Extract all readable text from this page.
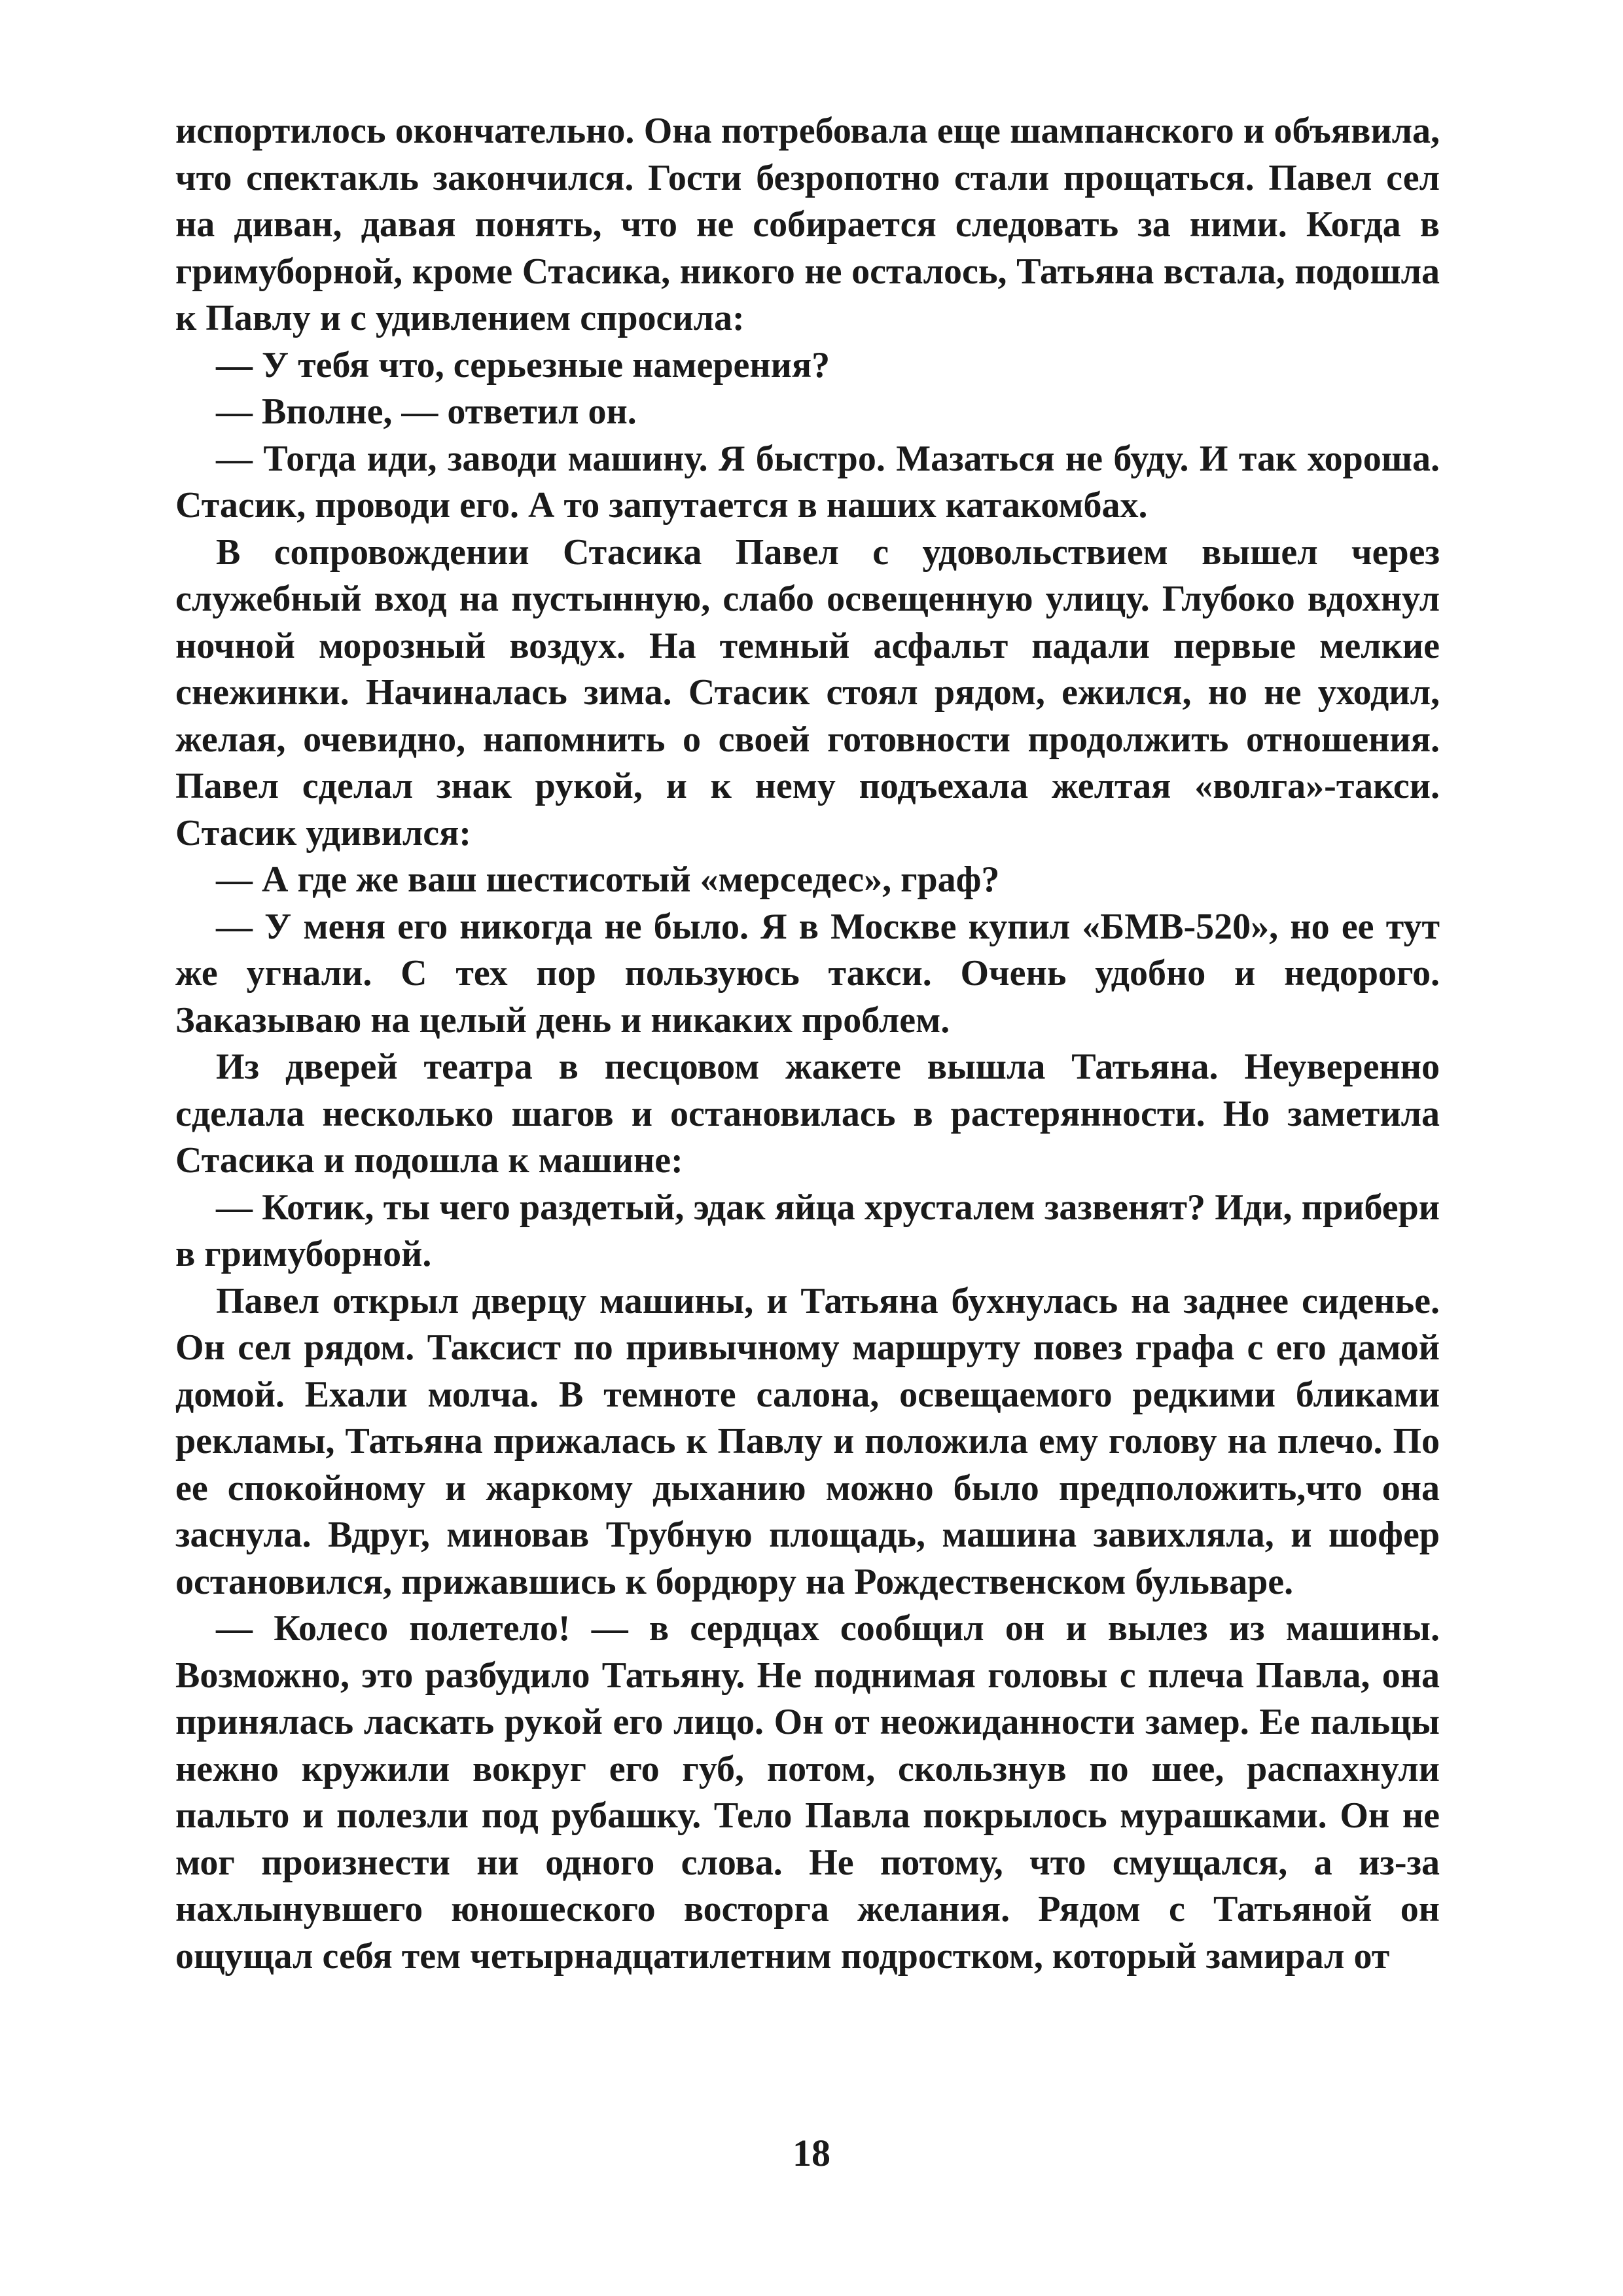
испортилось окончательно. Она потребовала еще шампанского и объявила, что спектакль закончился. Гости безропотно стали прощаться. Павел сел на диван, давая понять, что не собирается следовать за ними. Когда в гримуборной, кроме Стасика, никого не осталось, Татьяна встала, подошла к Павлу и с удивлением спросила:

— У тебя что, серьезные намерения?

— Вполне, — ответил он.

— Тогда иди, заводи машину. Я быстро. Мазаться не буду. И так хороша. Стасик, проводи его. А то запутается в наших катакомбах.

В сопровождении Стасика Павел с удовольствием вышел через служебный вход на пустынную, слабо освещенную улицу. Глубоко вдохнул ночной морозный воздух. На темный асфальт падали первые мелкие снежинки. Начиналась зима. Стасик стоял рядом, ежился, но не уходил, желая, очевидно, напомнить о своей готовности продолжить отношения. Павел сделал знак рукой, и к нему подъехала желтая «волга»-такси. Стасик удивился:

— А где же ваш шестисотый «мерседес», граф?

— У меня его никогда не было. Я в Москве купил «БМВ-520», но ее тут же угнали. С тех пор пользуюсь такси. Очень удобно и недорого. Заказываю на целый день и никаких проблем.

Из дверей театра в песцовом жакете вышла Татьяна. Неуверенно сделала несколько шагов и остановилась в растерянности. Но заметила Стасика и подошла к машине:

— Котик, ты чего раздетый, эдак яйца хрусталем зазвенят? Иди, прибери в гримуборной.

Павел открыл дверцу машины, и Татьяна бухнулась на заднее сиденье. Он сел рядом. Таксист по привычному маршруту повез графа с его дамой домой. Ехали молча. В темноте салона, освещаемого редкими бликами рекламы, Татьяна прижалась к Павлу и положила ему голову на плечо. По ее спокойному и жаркому дыханию можно было предположить,что она заснула. Вдруг, миновав Трубную площадь, машина завихляла, и шофер остановился, прижавшись к бордюру на Рождественском бульваре.

— Колесо полетело! — в сердцах сообщил он и вылез из машины. Возможно, это разбудило Татьяну. Не поднимая головы с плеча Павла, она принялась ласкать рукой его лицо. Он от неожиданности замер. Ее пальцы нежно кружили вокруг его губ, потом, скользнув по шее, распахнули пальто и полезли под рубашку. Тело Павла покрылось мурашками. Он не мог произнести ни одного слова. Не потому, что смущался, а из-за нахлынувшего юношеского восторга желания. Рядом с Татьяной он ощущал себя тем четырнадцатилетним подростком, который замирал от

18
